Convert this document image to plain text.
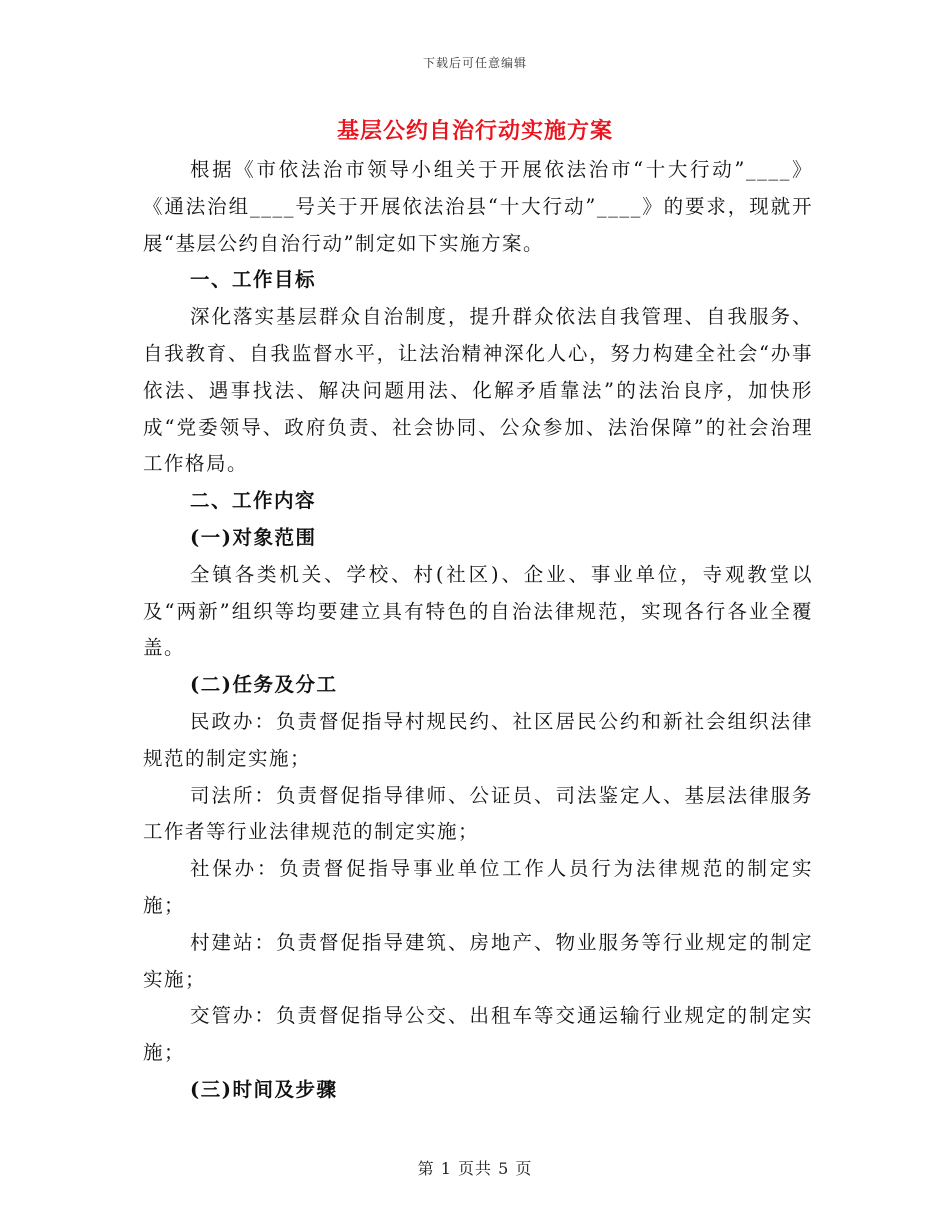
下载后可任意编辑
基层公约自治行动实施方案

根据《市依法治市领导小组关于开展依法治市“十大行动”____》《通法治组____号关于开展依法治县“十大行动”____》的要求，现就开展“基层公约自治行动”制定如下实施方案。

一、工作目标

深化落实基层群众自治制度，提升群众依法自我管理、自我服务、自我教育、自我监督水平，让法治精神深化人心，努力构建全社会“办事依法、遇事找法、解决问题用法、化解矛盾靠法”的法治良序，加快形成“党委领导、政府负责、社会协同、公众参加、法治保障”的社会治理工作格局。

二、工作内容

(一)对象范围

全镇各类机关、学校、村(社区)、企业、事业单位，寺观教堂以及“两新”组织等均要建立具有特色的自治法律规范，实现各行各业全覆盖。

(二)任务及分工

民政办：负责督促指导村规民约、社区居民公约和新社会组织法律规范的制定实施；

司法所：负责督促指导律师、公证员、司法鉴定人、基层法律服务工作者等行业法律规范的制定实施；

社保办：负责督促指导事业单位工作人员行为法律规范的制定实施；

村建站：负责督促指导建筑、房地产、物业服务等行业规定的制定实施；

交管办：负责督促指导公交、出租车等交通运输行业规定的制定实施；

(三)时间及步骤

第 1 页共 5 页
